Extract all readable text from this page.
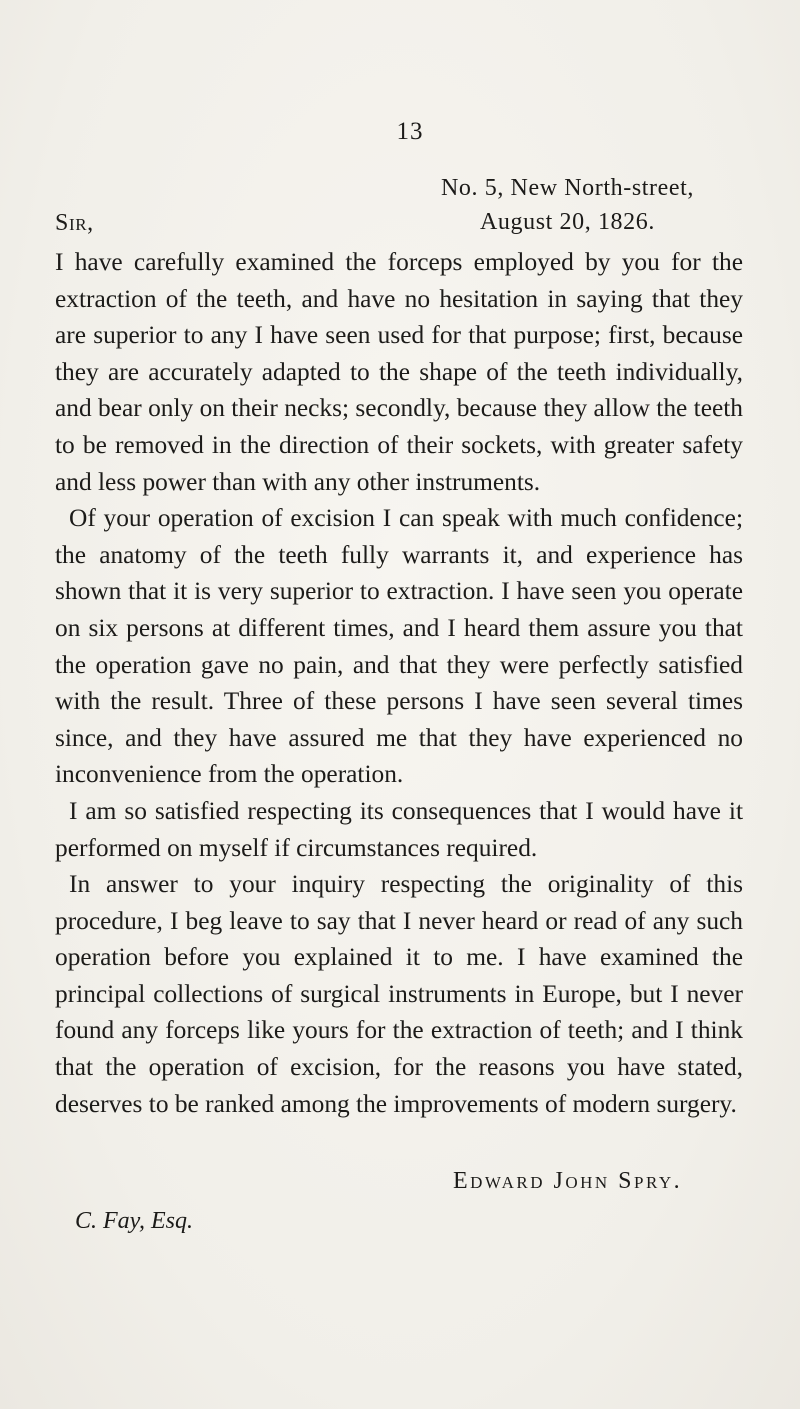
13
No. 5, New North-street,
Sir,	August 20, 1826.

I have carefully examined the forceps employed by you for the extraction of the teeth, and have no hesitation in saying that they are superior to any I have seen used for that purpose; first, because they are accurately adapted to the shape of the teeth individually, and bear only on their necks; secondly, because they allow the teeth to be removed in the direction of their sockets, with greater safety and less power than with any other instruments.

Of your operation of excision I can speak with much confidence; the anatomy of the teeth fully warrants it, and experience has shown that it is very superior to extraction. I have seen you operate on six persons at different times, and I heard them assure you that the operation gave no pain, and that they were perfectly satisfied with the result. Three of these persons I have seen several times since, and they have assured me that they have experienced no inconvenience from the operation.

I am so satisfied respecting its consequences that I would have it performed on myself if circumstances required.

In answer to your inquiry respecting the originality of this procedure, I beg leave to say that I never heard or read of any such operation before you explained it to me. I have examined the principal collections of surgical instruments in Europe, but I never found any forceps like yours for the extraction of teeth; and I think that the operation of excision, for the reasons you have stated, deserves to be ranked among the improvements of modern surgery.

Edward John Spry.
C. Fay, Esq.
